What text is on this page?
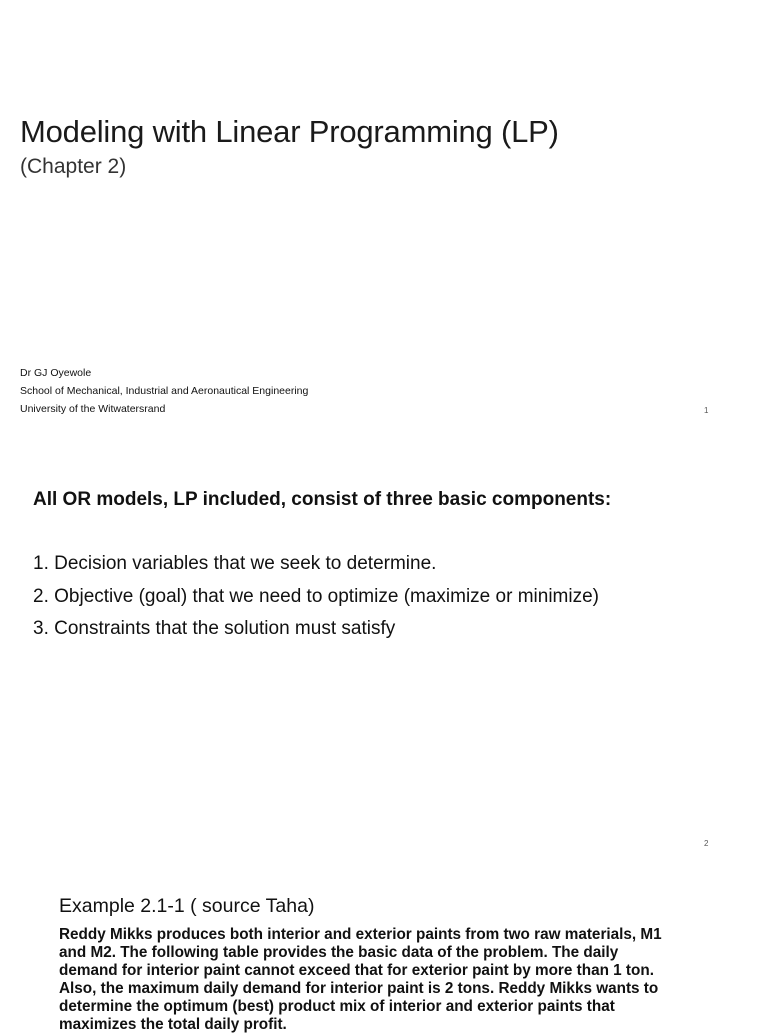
Modeling with Linear Programming (LP)
(Chapter 2)
Dr GJ Oyewole
School of Mechanical, Industrial and Aeronautical Engineering
University of the Witwatersrand	1
All OR models, LP included, consist of three basic components:
1. Decision variables that we seek to determine.
2. Objective (goal) that we need to optimize (maximize or minimize)
3. Constraints that the solution must satisfy
2
Example 2.1-1 ( source Taha)
Reddy Mikks produces both interior and exterior paints from two raw materials, M1
and M2. The following table provides the basic data of the problem. The daily
demand for interior paint cannot exceed that for exterior paint by more than 1 ton.
Also, the maximum daily demand for interior paint is 2 tons. Reddy Mikks wants to
determine the optimum (best) product mix of interior and exterior paints that
maximizes the total daily profit.
